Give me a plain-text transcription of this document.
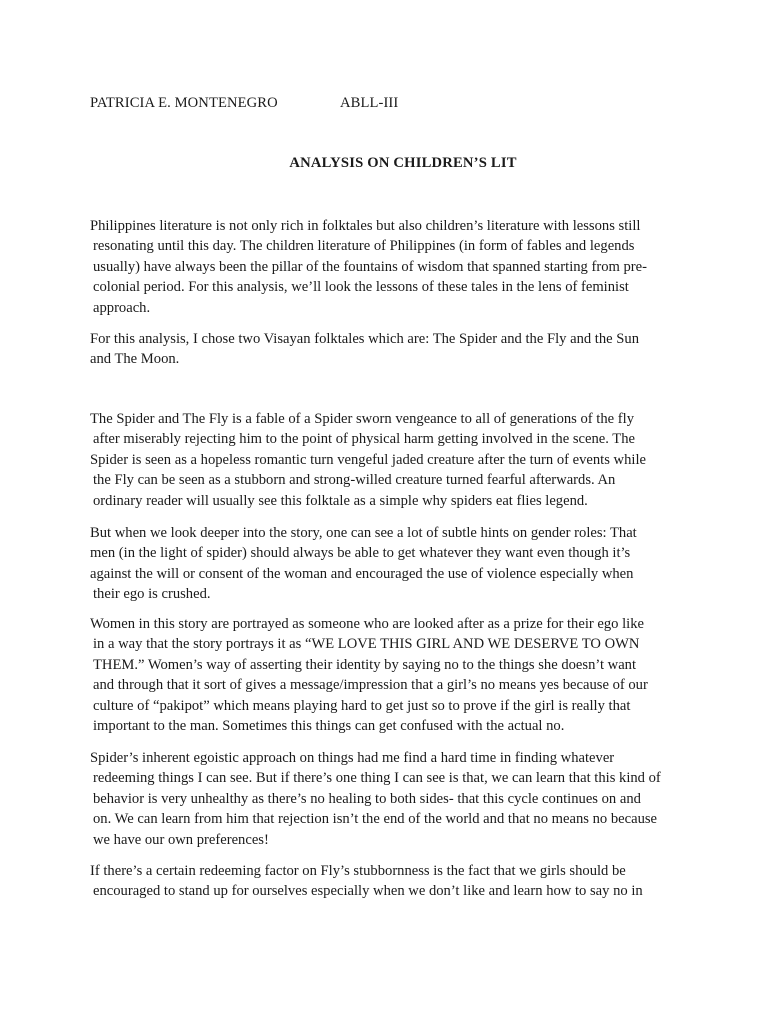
PATRICIA E. MONTENEGRO	ABLL-III
ANALYSIS ON CHILDREN’S LIT

Philippines literature is not only rich in folktales but also children’s literature with lessons still
resonating until this day. The children literature of Philippines (in form of fables and legends
usually) have always been the pillar of the fountains of wisdom that spanned starting from pre-
colonial period. For this analysis, we’ll look the lessons of these tales in the lens of feminist
approach.

For this analysis, I chose two Visayan folktales which are: The Spider and the Fly and the Sun
and The Moon.

The Spider and The Fly is a fable of a Spider sworn vengeance to all of generations of the fly
after miserably rejecting him to the point of physical harm getting involved in the scene. The
Spider is seen as a hopeless romantic turn vengeful jaded creature after the turn of events while
the Fly can be seen as a stubborn and strong-willed creature turned fearful afterwards. An
ordinary reader will usually see this folktale as a simple why spiders eat flies legend.

But when we look deeper into the story, one can see a lot of subtle hints on gender roles: That
men (in the light of spider) should always be able to get whatever they want even though it’s
against the will or consent of the woman and encouraged the use of violence especially when
their ego is crushed.

Women in this story are portrayed as someone who are looked after as a prize for their ego like
in a way that the story portrays it as “WE LOVE THIS GIRL AND WE DESERVE TO OWN
THEM.” Women’s way of asserting their identity by saying no to the things she doesn’t want
and through that it sort of gives a message/impression that a girl’s no means yes because of our
culture of “pakipot” which means playing hard to get just so to prove if the girl is really that
important to the man. Sometimes this things can get confused with the actual no.

Spider’s inherent egoistic approach on things had me find a hard time in finding whatever
redeeming things I can see. But if there’s one thing I can see is that, we can learn that this kind of
behavior is very unhealthy as there’s no healing to both sides- that this cycle continues on and
on. We can learn from him that rejection isn’t the end of the world and that no means no because
we have our own preferences!

If there’s a certain redeeming factor on Fly’s stubbornness is the fact that we girls should be
encouraged to stand up for ourselves especially when we don’t like and learn how to say no in
